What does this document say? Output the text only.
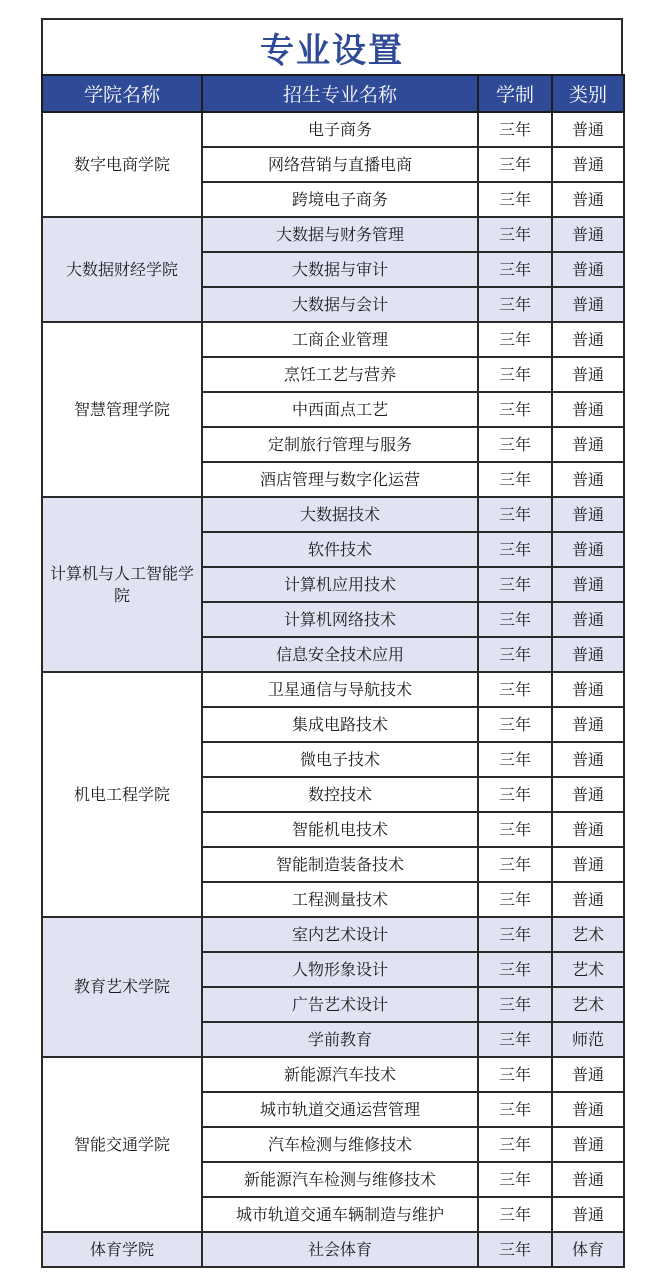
专业设置
学院名称	招生专业名称	学制	类别
数字电商学院	电子商务	三年	普通
	网络营销与直播电商	三年	普通
	跨境电子商务	三年	普通
大数据财经学院	大数据与财务管理	三年	普通
	大数据与审计	三年	普通
	大数据与会计	三年	普通
智慧管理学院	工商企业管理	三年	普通
	烹饪工艺与营养	三年	普通
	中西面点工艺	三年	普通
	定制旅行管理与服务	三年	普通
	酒店管理与数字化运营	三年	普通
计算机与人工智能学院	大数据技术	三年	普通
	软件技术	三年	普通
	计算机应用技术	三年	普通
	计算机网络技术	三年	普通
	信息安全技术应用	三年	普通
机电工程学院	卫星通信与导航技术	三年	普通
	集成电路技术	三年	普通
	微电子技术	三年	普通
	数控技术	三年	普通
	智能机电技术	三年	普通
	智能制造装备技术	三年	普通
	工程测量技术	三年	普通
教育艺术学院	室内艺术设计	三年	艺术
	人物形象设计	三年	艺术
	广告艺术设计	三年	艺术
	学前教育	三年	师范
智能交通学院	新能源汽车技术	三年	普通
	城市轨道交通运营管理	三年	普通
	汽车检测与维修技术	三年	普通
	新能源汽车检测与维修技术	三年	普通
	城市轨道交通车辆制造与维护	三年	普通
体育学院	社会体育	三年	体育
